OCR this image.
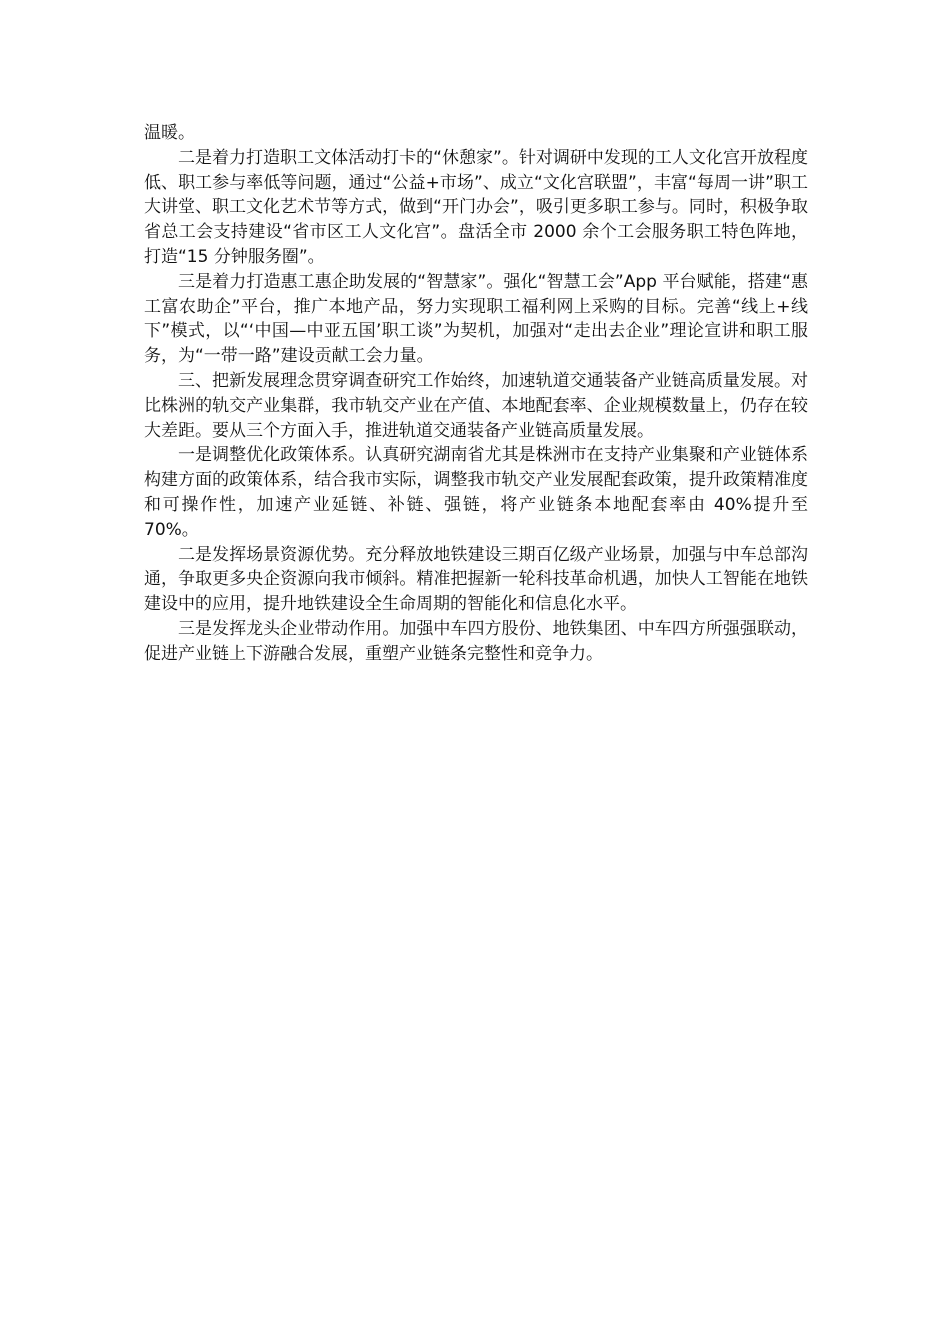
温暖。

二是着力打造职工文体活动打卡的“休憩家”。针对调研中发现的工人文化宫开放程度低、职工参与率低等问题，通过“公益+市场”、成立“文化宫联盟”，丰富“每周一讲”职工大讲堂、职工文化艺术节等方式，做到“开门办会”，吸引更多职工参与。同时，积极争取省总工会支持建设“省市区工人文化宫”。盘活全市 2000 余个工会服务职工特色阵地，打造“15 分钟服务圈”。

三是着力打造惠工惠企助发展的“智慧家”。强化“智慧工会”App 平台赋能，搭建“惠工富农助企”平台，推广本地产品，努力实现职工福利网上采购的目标。完善“线上+线下”模式，以“‘中国—中亚五国’职工谈”为契机，加强对“走出去企业”理论宣讲和职工服务，为“一带一路”建设贡献工会力量。

三、把新发展理念贯穿调查研究工作始终，加速轨道交通装备产业链高质量发展。对比株洲的轨交产业集群，我市轨交产业在产值、本地配套率、企业规模数量上，仍存在较大差距。要从三个方面入手，推进轨道交通装备产业链高质量发展。

一是调整优化政策体系。认真研究湖南省尤其是株洲市在支持产业集聚和产业链体系构建方面的政策体系，结合我市实际，调整我市轨交产业发展配套政策，提升政策精准度和可操作性，加速产业延链、补链、强链，将产业链条本地配套率由 40%提升至 70%。

二是发挥场景资源优势。充分释放地铁建设三期百亿级产业场景，加强与中车总部沟通，争取更多央企资源向我市倾斜。精准把握新一轮科技革命机遇，加快人工智能在地铁建设中的应用，提升地铁建设全生命周期的智能化和信息化水平。

三是发挥龙头企业带动作用。加强中车四方股份、地铁集团、中车四方所强强联动，促进产业链上下游融合发展，重塑产业链条完整性和竞争力。
